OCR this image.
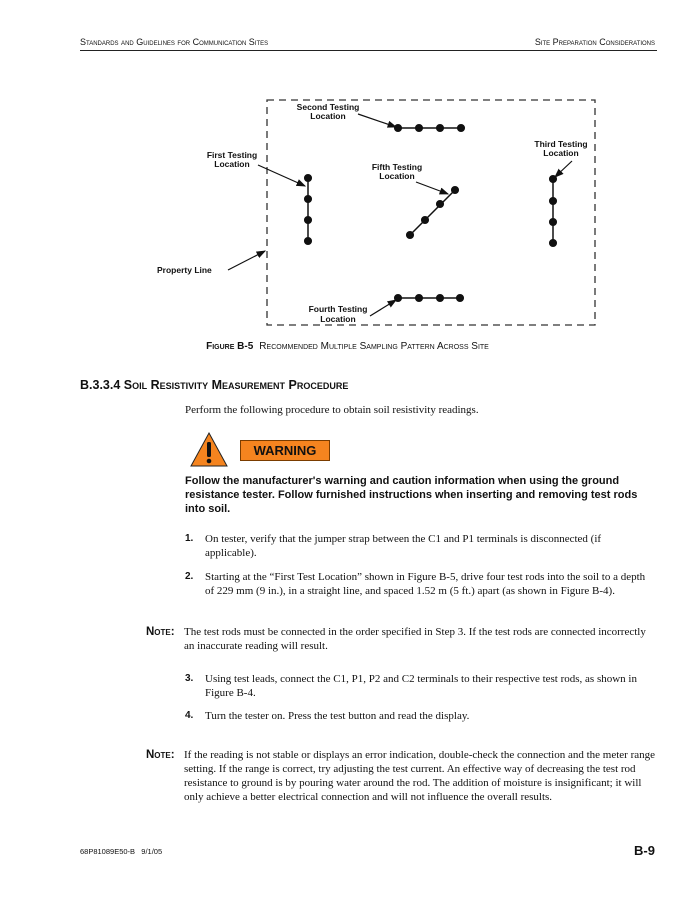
Standards and Guidelines for Communication Sites	Site Preparation Considerations
Second Testing
Location
First Testing
Location
Third Testing
Location
Fifth Testing
Location
Fourth Testing
Location
Property Line
Figure B-5 Recommended Multiple Sampling Pattern Across Site
B.3.3.4 Soil Resistivity Measurement Procedure
Perform the following procedure to obtain soil resistivity readings.
WARNING
Follow the manufacturer's warning and caution information when using the ground resistance tester. Follow furnished instructions when inserting and removing test rods into soil.
1. On tester, verify that the jumper strap between the C1 and P1 terminals is disconnected (if applicable).
2. Starting at the “First Test Location” shown in Figure B-5, drive four test rods into the soil to a depth of 229 mm (9 in.), in a straight line, and spaced 1.52 m (5 ft.) apart (as shown in Figure B-4).
Note: The test rods must be connected in the order specified in Step 3. If the test rods are connected incorrectly an inaccurate reading will result.
3. Using test leads, connect the C1, P1, P2 and C2 terminals to their respective test rods, as shown in Figure B-4.
4. Turn the tester on. Press the test button and read the display.
Note: If the reading is not stable or displays an error indication, double-check the connection and the meter range setting. If the range is correct, try adjusting the test current. An effective way of decreasing the test rod resistance to ground is by pouring water around the rod. The addition of moisture is insignificant; it will only achieve a better electrical connection and will not influence the overall results.
68P81089E50-B   9/1/05	B-9
